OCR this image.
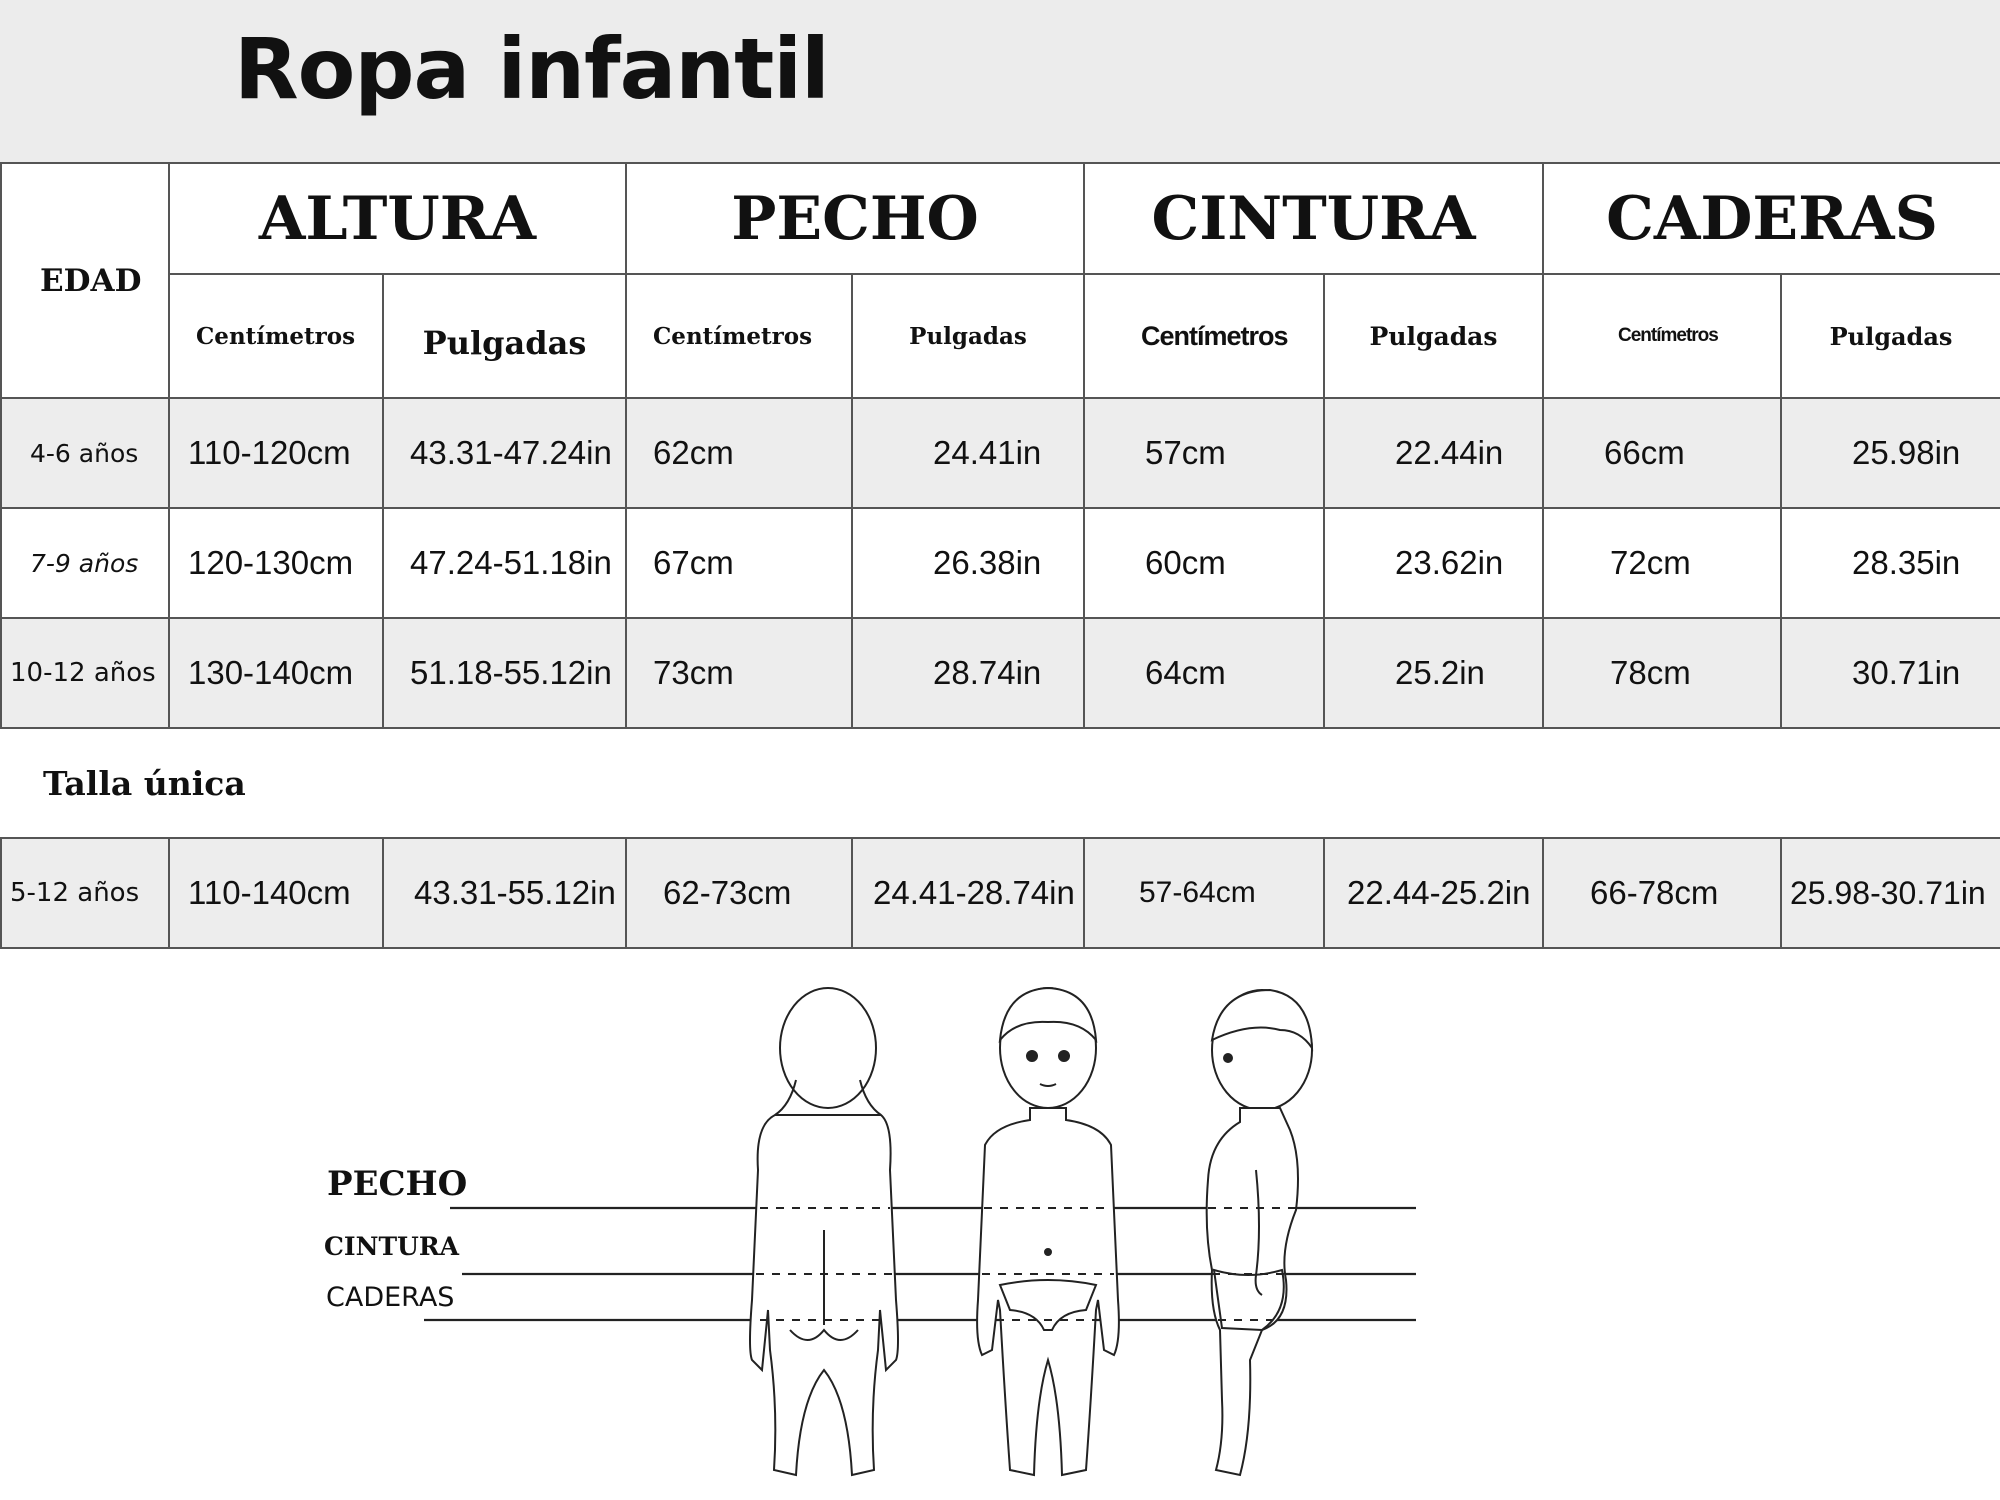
Ropa infantil
EDAD	ALTURA		PECHO		CINTURA		CADERAS	
	Centímetros	Pulgadas	Centímetros	Pulgadas	Centímetros	Pulgadas	Centímetros	Pulgadas
4-6 años	110-120cm	43.31-47.24in	62cm	24.41in	57cm	22.44in	66cm	25.98in
7-9 años	120-130cm	47.24-51.18in	67cm	26.38in	60cm	23.62in	72cm	28.35in
10-12 años	130-140cm	51.18-55.12in	73cm	28.74in	64cm	25.2in	78cm	30.71in
Talla única								
5-12 años	110-140cm	43.31-55.12in	62-73cm	24.41-28.74in	57-64cm	22.44-25.2in	66-78cm	25.98-30.71in
PECHO
CINTURA
CADERAS
